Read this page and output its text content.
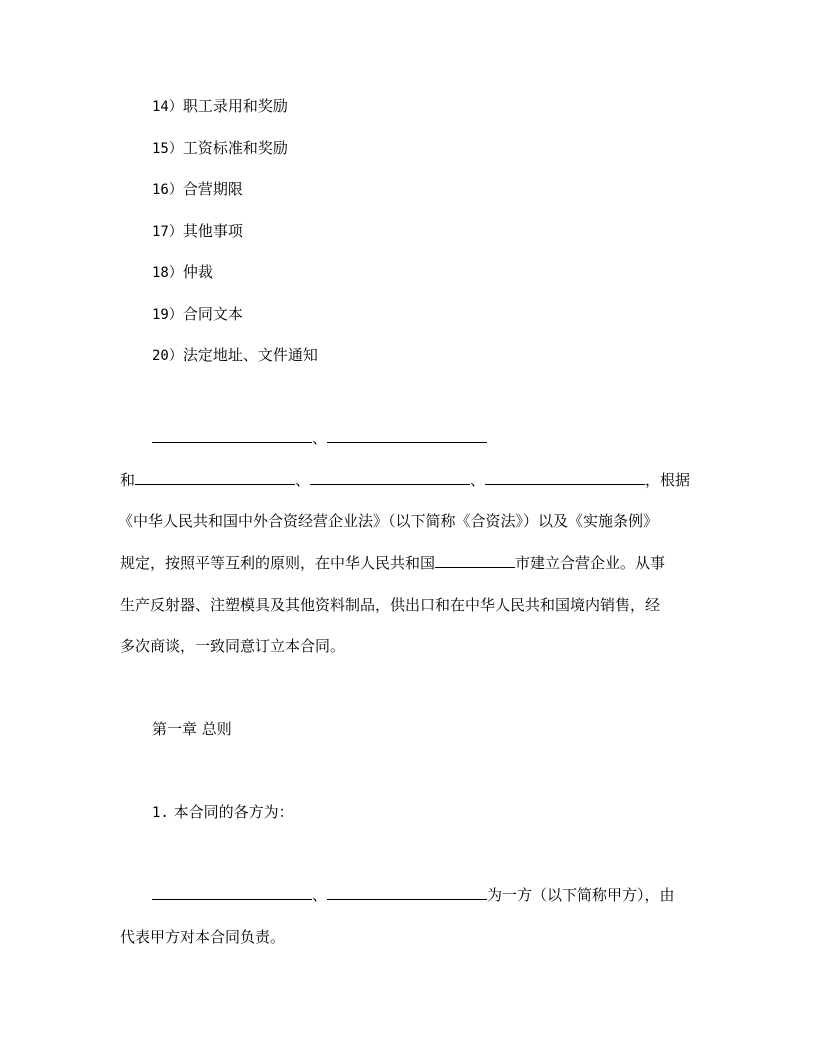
14）职工录用和奖励
15）工资标准和奖励
16）合营期限
17）其他事项
18）仲裁
19）合同文本
20）法定地址、文件通知
、
和	、	、	，根据
《中华人民共和国中外合资经营企业法》（以下简称《合资法》）以及《实施条例》
规定，按照平等互利的原则，在中华人民共和国	市建立合营企业。从事
生产反射器、注塑模具及其他资料制品，供出口和在中华人民共和国境内销售，经
多次商谈，一致同意订立本合同。
第一章 总则
1. 本合同的各方为：
、	为一方（以下简称甲方），由
代表甲方对本合同负责。
